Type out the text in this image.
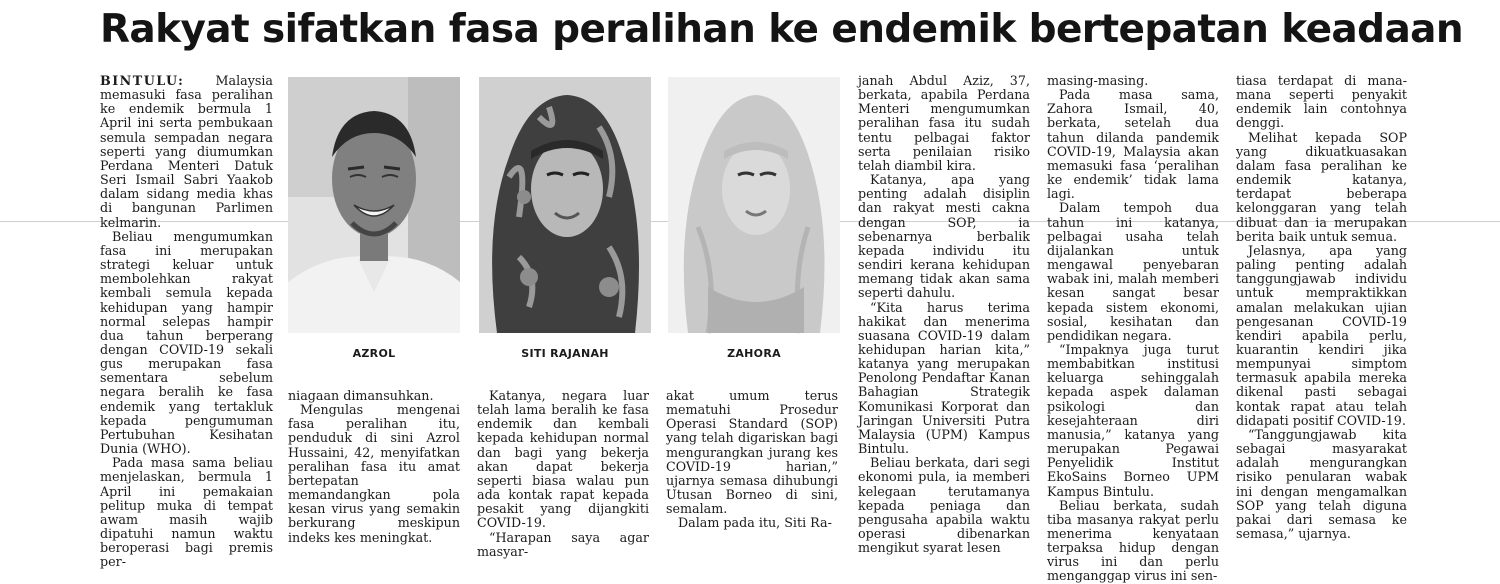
Rakyat sifatkan fasa peralihan ke endemik bertepatan keadaan

BINTULU: Malaysia memasuki fasa peralihan ke endemik bermula 1 April ini serta pembukaan semula sempadan negara seperti yang diumumkan Perdana Menteri Datuk Seri Ismail Sabri Yaakob dalam sidang media khas di bangunan Parlimen kelmarin.

Beliau mengumumkan fasa ini merupakan strategi keluar untuk membolehkan rakyat kembali semula kepada kehidupan yang hampir normal selepas hampir dua tahun berperang dengan COVID-19 sekali gus merupakan fasa sementara sebelum negara beralih ke fasa endemik yang tertakluk kepada pengumuman Pertubuhan Kesihatan Dunia (WHO).

Pada masa sama beliau menjelaskan, bermula 1 April ini pemakaian pelitup muka di tempat awam masih wajib dipatuhi namun waktu beroperasi bagi premis per-

AZROL	SITI RAJANAH	ZAHORA

niagaan dimansuhkan.

Mengulas mengenai fasa peralihan itu, penduduk di sini Azrol Hussaini, 42, menyifatkan peralihan fasa itu amat bertepatan memandangkan pola kesan virus yang semakin berkurang meskipun indeks kes meningkat.

Katanya, negara luar telah lama beralih ke fasa endemik dan kembali kepada kehidupan normal dan bagi yang bekerja akan dapat bekerja seperti biasa walau pun ada kontak rapat kepada pesakit yang dijangkiti COVID-19.

“Harapan saya agar masyar-

akat umum terus mematuhi Prosedur Operasi Standard (SOP) yang telah digariskan bagi mengurangkan jurang kes COVID-19 harian,” ujarnya semasa dihubungi Utusan Borneo di sini, semalam.

Dalam pada itu, Siti Ra-

janah Abdul Aziz, 37, berkata, apabila Perdana Menteri mengumumkan peralihan fasa itu sudah tentu pelbagai faktor serta penilaian risiko telah diambil kira.

Katanya, apa yang penting adalah disiplin dan rakyat mesti cakna dengan SOP, ia sebenarnya berbalik kepada individu itu sendiri kerana kehidupan memang tidak akan sama seperti dahulu.

“Kita harus terima hakikat dan menerima suasana COVID-19 dalam kehidupan harian kita,” katanya yang merupakan Penolong Pendaftar Kanan Bahagian Strategik Komunikasi Korporat dan Jaringan Universiti Putra Malaysia (UPM) Kampus Bintulu.

Beliau berkata, dari segi ekonomi pula, ia memberi kelegaan terutamanya kepada peniaga dan pengusaha apabila waktu operasi dibenarkan mengikut syarat lesen

masing-masing.

Pada masa sama, Zahora Ismail, 40, berkata, setelah dua tahun dilanda pandemik COVID-19, Malaysia akan memasuki fasa ‘peralihan ke endemik’ tidak lama lagi.

Dalam tempoh dua tahun ini katanya, pelbagai usaha telah dijalankan untuk mengawal penyebaran wabak ini, malah memberi kesan sangat besar kepada sistem ekonomi, sosial, kesihatan dan pendidikan negara.

“Impaknya juga turut membabitkan institusi keluarga sehinggalah kepada aspek dalaman psikologi dan kesejahteraan diri manusia,” katanya yang merupakan Pegawai Penyelidik Institut EkoSains Borneo UPM Kampus Bintulu.

Beliau berkata, sudah tiba masanya rakyat perlu menerima kenyataan terpaksa hidup dengan virus ini dan perlu menganggap virus ini sen-

tiasa terdapat di mana-mana seperti penyakit endemik lain contohnya denggi.

Melihat kepada SOP yang dikuatkuasakan dalam fasa peralihan ke endemik katanya, terdapat beberapa kelonggaran yang telah dibuat dan ia merupakan berita baik untuk semua.

Jelasnya, apa yang paling penting adalah tanggungjawab individu untuk mempraktikkan amalan melakukan ujian pengesanan COVID-19 kendiri apabila perlu, kuarantin kendiri jika mempunyai simptom termasuk apabila mereka dikenal pasti sebagai kontak rapat atau telah didapati positif COVID-19.

“Tanggungjawab kita sebagai masyarakat adalah mengurangkan risiko penularan wabak ini dengan mengamalkan SOP yang telah diguna pakai dari semasa ke semasa,” ujarnya.
